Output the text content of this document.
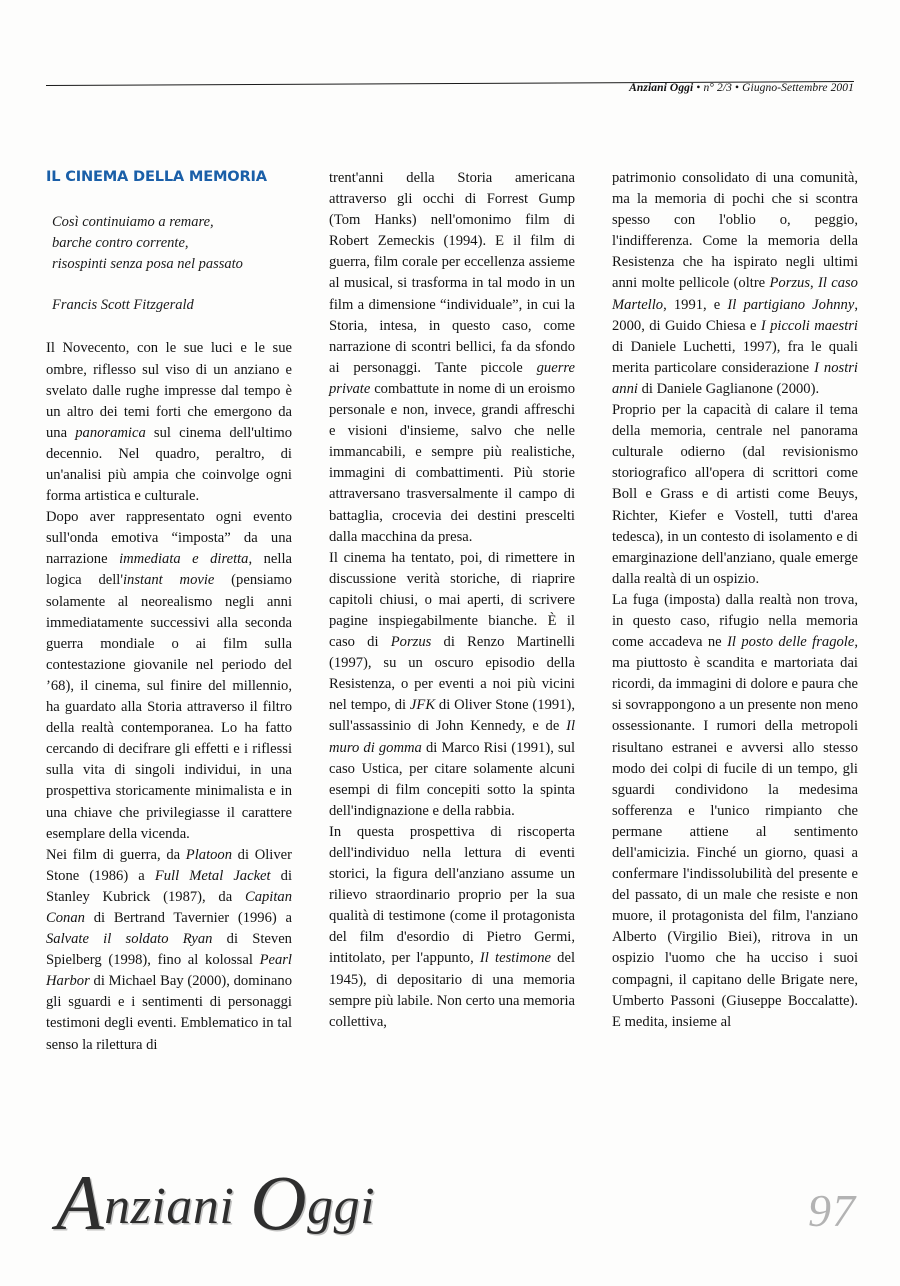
Anziani Oggi • n° 2/3 • Giugno-Settembre 2001
IL CINEMA DELLA MEMORIA
Così continuiamo a remare,
barche contro corrente,
risospinti senza posa nel passato
Francis Scott Fitzgerald

Il Novecento, con le sue luci e le sue ombre, riflesso sul viso di un anziano e svelato dalle rughe impresse dal tempo è un altro dei temi forti che emergono da una panoramica sul cinema dell'ultimo decennio. Nel quadro, peraltro, di un'analisi più ampia che coinvolge ogni forma artistica e culturale.

Dopo aver rappresentato ogni evento sull'onda emotiva “imposta” da una narrazione immediata e diretta, nella logica dell'instant movie (pensiamo solamente al neorealismo negli anni immediatamente successivi alla seconda guerra mondiale o ai film sulla contestazione giovanile nel periodo del ’68), il cinema, sul finire del millennio, ha guardato alla Storia attraverso il filtro della realtà contemporanea. Lo ha fatto cercando di decifrare gli effetti e i riflessi sulla vita di singoli individui, in una prospettiva storicamente minimalista e in una chiave che privilegiasse il carattere esemplare della vicenda.

Nei film di guerra, da Platoon di Oliver Stone (1986) a Full Metal Jacket di Stanley Kubrick (1987), da Capitan Conan di Bertrand Tavernier (1996) a Salvate il soldato Ryan di Steven Spielberg (1998), fino al kolossal Pearl Harbor di Michael Bay (2000), dominano gli sguardi e i sentimenti di personaggi testimoni degli eventi. Emblematico in tal senso la rilettura di

trent'anni della Storia americana attraverso gli occhi di Forrest Gump (Tom Hanks) nell'omonimo film di Robert Zemeckis (1994). E il film di guerra, film corale per eccellenza assieme al musical, si trasforma in tal modo in un film a dimensione “individuale”, in cui la Storia, intesa, in questo caso, come narrazione di scontri bellici, fa da sfondo ai personaggi. Tante piccole guerre private combattute in nome di un eroismo personale e non, invece, grandi affreschi e visioni d'insieme, salvo che nelle immancabili, e sempre più realistiche, immagini di combattimenti. Più storie attraversano trasversalmente il campo di battaglia, crocevia dei destini prescelti dalla macchina da presa.

Il cinema ha tentato, poi, di rimettere in discussione verità storiche, di riaprire capitoli chiusi, o mai aperti, di scrivere pagine inspiegabilmente bianche. È il caso di Porzus di Renzo Martinelli (1997), su un oscuro episodio della Resistenza, o per eventi a noi più vicini nel tempo, di JFK di Oliver Stone (1991), sull'assassinio di John Kennedy, e de Il muro di gomma di Marco Risi (1991), sul caso Ustica, per citare solamente alcuni esempi di film concepiti sotto la spinta dell'indignazione e della rabbia.

In questa prospettiva di riscoperta dell'individuo nella lettura di eventi storici, la figura dell'anziano assume un rilievo straordinario proprio per la sua qualità di testimone (come il protagonista del film d'esordio di Pietro Germi, intitolato, per l'appunto, Il testimone del 1945), di depositario di una memoria sempre più labile. Non certo una memoria collettiva,

patrimonio consolidato di una comunità, ma la memoria di pochi che si scontra spesso con l'oblio o, peggio, l'indifferenza. Come la memoria della Resistenza che ha ispirato negli ultimi anni molte pellicole (oltre Porzus, Il caso Martello, 1991, e Il partigiano Johnny, 2000, di Guido Chiesa e I piccoli maestri di Daniele Luchetti, 1997), fra le quali merita particolare considerazione I nostri anni di Daniele Gaglianone (2000).

Proprio per la capacità di calare il tema della memoria, centrale nel panorama culturale odierno (dal revisionismo storiografico all'opera di scrittori come Boll e Grass e di artisti come Beuys, Richter, Kiefer e Vostell, tutti d'area tedesca), in un contesto di isolamento e di emarginazione dell'anziano, quale emerge dalla realtà di un ospizio.

La fuga (imposta) dalla realtà non trova, in questo caso, rifugio nella memoria come accadeva ne Il posto delle fragole, ma piuttosto è scandita e martoriata dai ricordi, da immagini di dolore e paura che si sovrappongono a un presente non meno ossessionante. I rumori della metropoli risultano estranei e avversi allo stesso modo dei colpi di fucile di un tempo, gli sguardi condividono la medesima sofferenza e l'unico rimpianto che permane attiene al sentimento dell'amicizia. Finché un giorno, quasi a confermare l'indissolubilità del presente e del passato, di un male che resiste e non muore, il protagonista del film, l'anziano Alberto (Virgilio Biei), ritrova in un ospizio l'uomo che ha ucciso i suoi compagni, il capitano delle Brigate nere, Umberto Passoni (Giuseppe Boccalatte). E medita, insieme al

Anziani Oggi	97
